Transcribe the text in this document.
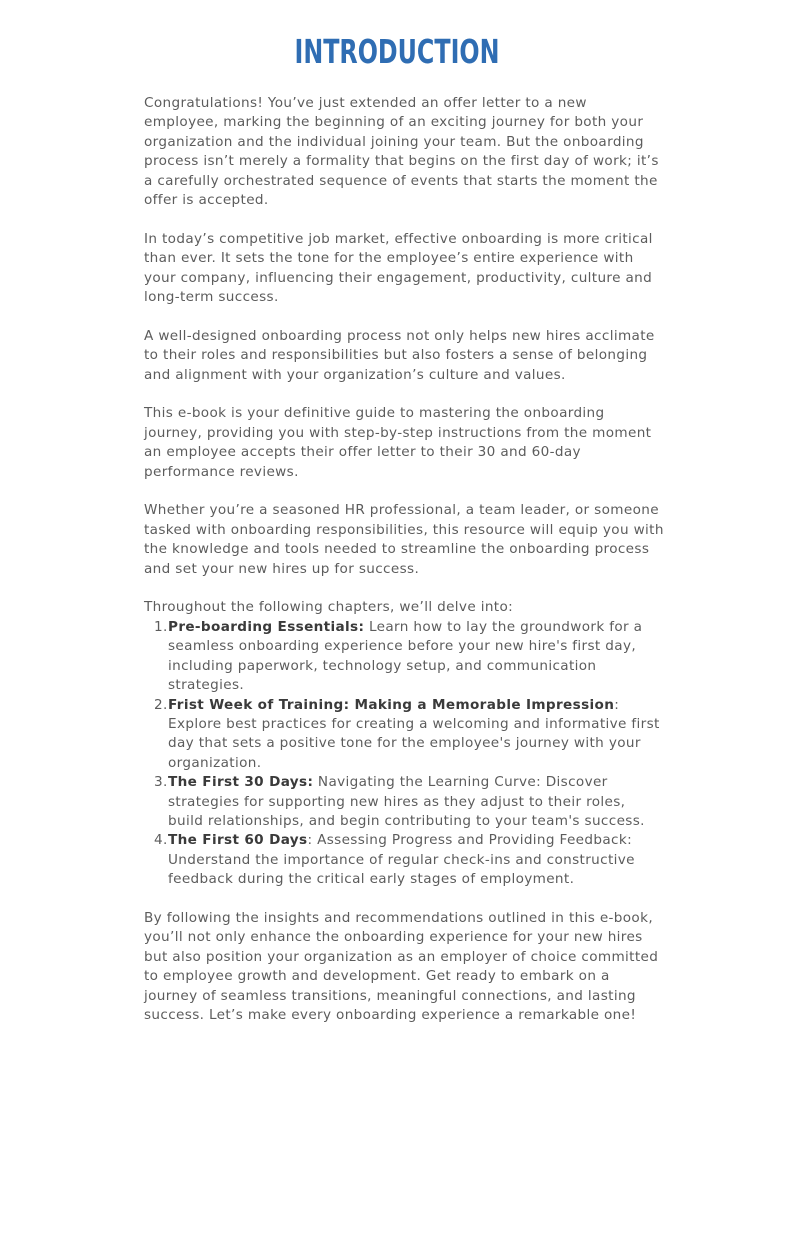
INTRODUCTION

Congratulations! You’ve just extended an offer letter to a new employee, marking the beginning of an exciting journey for both your organization and the individual joining your team. But the onboarding process isn’t merely a formality that begins on the first day of work; it’s a carefully orchestrated sequence of events that starts the moment the offer is accepted.

In today’s competitive job market, effective onboarding is more critical than ever. It sets the tone for the employee’s entire experience with your company, influencing their engagement, productivity, culture and long-term success.

A well-designed onboarding process not only helps new hires acclimate to their roles and responsibilities but also fosters a sense of belonging and alignment with your organization’s culture and values.

This e-book is your definitive guide to mastering the onboarding journey, providing you with step-by-step instructions from the moment an employee accepts their offer letter to their 30 and 60-day performance reviews.

Whether you’re a seasoned HR professional, a team leader, or someone tasked with onboarding responsibilities, this resource will equip you with the knowledge and tools needed to streamline the onboarding process and set your new hires up for success.

Throughout the following chapters, we’ll delve into:

1. Pre-boarding Essentials: Learn how to lay the groundwork for a seamless onboarding experience before your new hire's first day, including paperwork, technology setup, and communication strategies.
2. Frist Week of Training: Making a Memorable Impression: Explore best practices for creating a welcoming and informative first day that sets a positive tone for the employee's journey with your organization.
3. The First 30 Days: Navigating the Learning Curve: Discover strategies for supporting new hires as they adjust to their roles, build relationships, and begin contributing to your team's success.
4. The First 60 Days: Assessing Progress and Providing Feedback: Understand the importance of regular check-ins and constructive feedback during the critical early stages of employment.

By following the insights and recommendations outlined in this e-book, you’ll not only enhance the onboarding experience for your new hires but also position your organization as an employer of choice committed to employee growth and development. Get ready to embark on a journey of seamless transitions, meaningful connections, and lasting success. Let’s make every onboarding experience a remarkable one!
